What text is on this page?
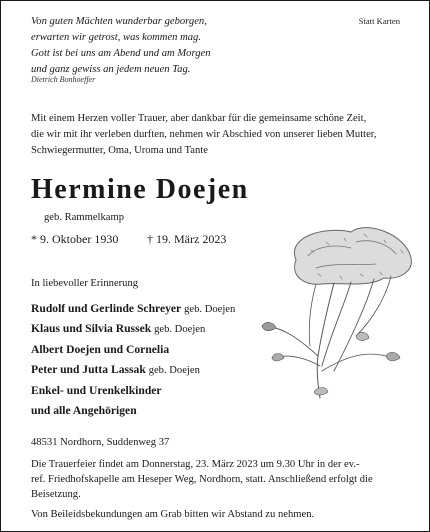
Von guten Mächten wunderbar geborgen,
erwarten wir getrost, was kommen mag.
Gott ist bei uns am Abend und am Morgen
und ganz gewiss an jedem neuen Tag.
Dietrich Bonhoeffer
Statt Karten
Mit einem Herzen voller Trauer, aber dankbar für die gemeinsame schöne Zeit,
die wir mit ihr verleben durften, nehmen wir Abschied von unserer lieben Mutter,
Schwiegermutter, Oma, Uroma und Tante
Hermine Doejen
geb. Rammelkamp
* 9. Oktober 1930 † 19. März 2023
In liebevoller Erinnerung
Rudolf und Gerlinde Schreyer geb. Doejen
Klaus und Silvia Russek geb. Doejen
Albert Doejen und Cornelia
Peter und Jutta Lassak geb. Doejen
Enkel- und Urenkelkinder
und alle Angehörigen
48531 Nordhorn, Suddenweg 37
Die Trauerfeier findet am Donnerstag, 23. März 2023 um 9.30 Uhr in der ev.-
ref. Friedhofskapelle am Heseper Weg, Nordhorn, statt. Anschließend erfolgt die
Beisetzung.
Von Beileidsbekundungen am Grab bitten wir Abstand zu nehmen.
